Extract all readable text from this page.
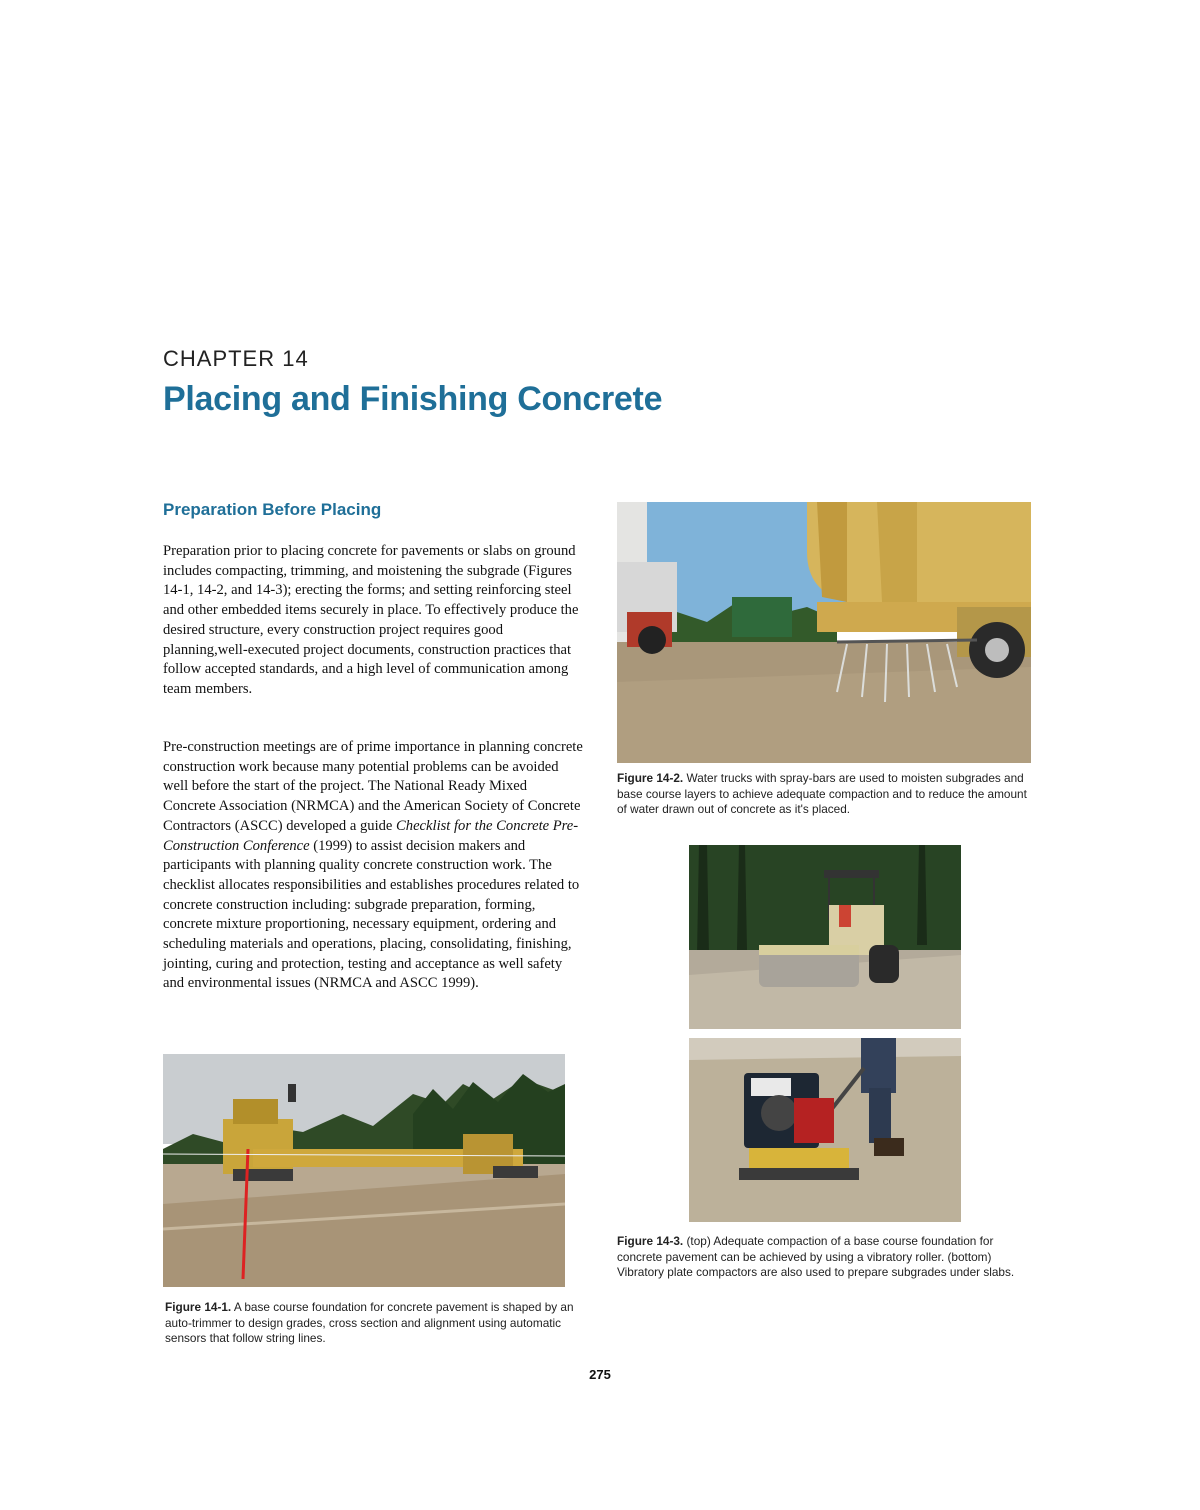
CHAPTER 14
Placing and Finishing Concrete
Preparation Before Placing

Preparation prior to placing concrete for pavements or slabs on ground includes compacting, trimming, and moistening the subgrade (Figures 14-1, 14-2, and 14-3); erecting the forms; and setting reinforcing steel and other embedded items securely in place. To effectively produce the desired structure, every construction project requires good planning,well-executed project documents, construction practices that follow accepted standards, and a high level of communication among team members.

Pre-construction meetings are of prime importance in planning concrete construction work because many potential problems can be avoided well before the start of the project. The National Ready Mixed Concrete Association (NRMCA) and the American Society of Concrete Contractors (ASCC) developed a guide Checklist for the Concrete Pre-Construction Conference (1999) to assist decision makers and participants with planning quality concrete construction work. The checklist allocates responsibilities and establishes procedures related to concrete construction including: subgrade preparation, forming, concrete mixture proportioning, necessary equipment, ordering and scheduling materials and operations, placing, consolidating, finishing, jointing, curing and protection, testing and acceptance as well safety and environmental issues (NRMCA and ASCC 1999).

Figure 14-1. A base course foundation for concrete pavement is shaped by an auto-trimmer to design grades, cross section and alignment using automatic sensors that follow string lines.

Figure 14-2. Water trucks with spray-bars are used to moisten subgrades and base course layers to achieve adequate compaction and to reduce the amount of water drawn out of concrete as it's placed.

Figure 14-3. (top) Adequate compaction of a base course foundation for concrete pavement can be achieved by using a vibratory roller. (bottom) Vibratory plate compactors are also used to prepare subgrades under slabs.

275
